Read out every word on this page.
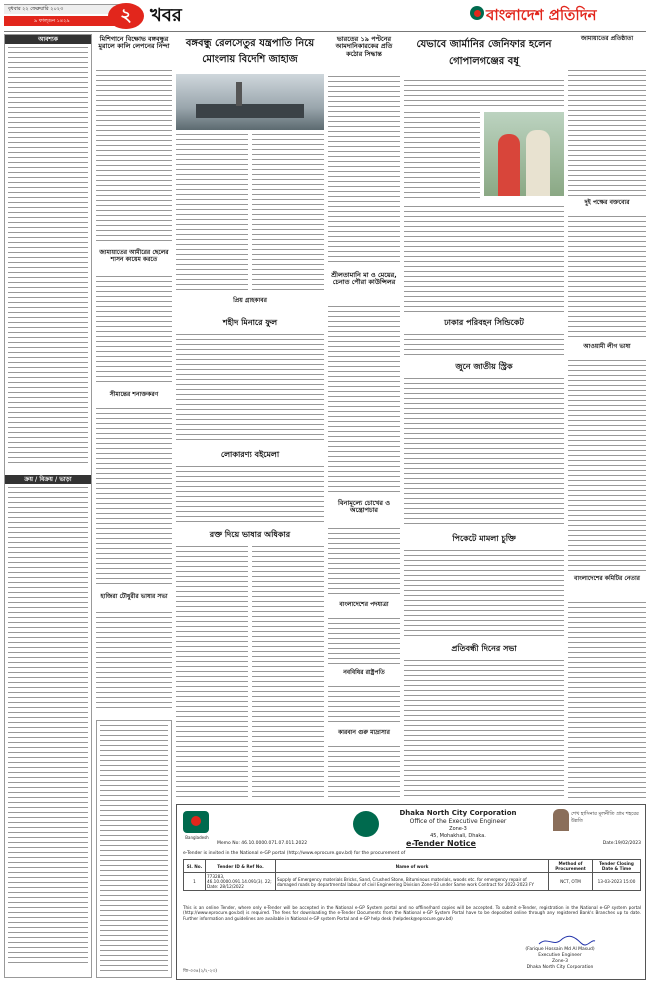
বৃধবার ২২ ফেব্রুয়ারি ২০২৩
৯ ফাল্গুন ১৪২৯	২	খবর	বাংলাদেশ প্রতিদিন
আবশ্যক
ক্রয় / বিক্রয় / ভাড়া
মিশিগানে বিক্ষোভ বঙ্গবন্ধুর মুরালে কালি লেপনের নিন্দা
জামায়াতের আমীরের ছেলের শাসন কায়েম করতে
সীমান্তের শনাক্তকরণ
হাজিরা টৌধুরীর ভাষার সভা
বঙ্গবন্ধু রেলসেতুর যন্ত্রপাতি নিয়ে মোংলায় বিদেশি জাহাজ
প্রিয় গ্রাহকাবর
শহীদ মিনারে ফুল
লোকারণ্য বইমেলা
রক্ত দিয়ে ভাষার অধিকার
ভারতের ১৯ পণ্টনের আমদানিকারকের প্রতি কঠোর সিদ্ধান্ত
শ্রীলতামানি মা ও মেয়ের, চেনাত পৌরা কাউন্সিলর
বিনামূল্যে চোখের ও অন্ত্রোপচার
বাংলাদেশের পদযাত্রা
নববিধির রাষ্ট্রপতি
কারবান গুরু মাদ্রাসার
যেভাবে জার্মানির জেনিফার হলেন গোপালগঞ্জের বধূ
ঢাকার পরিবহন সিন্ডিকেট
জুনে জাতীয় স্ট্রিক
পিকেটে মামলা চুক্তি
প্রতিবন্ধী দিনের সভা
জামায়াতের প্রতিষ্ঠাতা
দুই পক্ষের বক্তব্যের
আওয়ামী লীগ ভাষা
বাংলাদেশের কমিটির নেতার
Bangladesh
Dhaka North City Corporation
Office of the Executive Engineer
Zone-3
45, Mohakhali, Dhaka.
শেখ হাসিনার মূলনীতি গ্রাম শহরের উন্নতি
Memo No: 46.10.0000.071.07.011.2022	e-Tender Notice	Date:19/02/2023
e-Tender is invited in the National e-GP portal (http://www.eprocure.gov.bd) for the procurement of
Sl. No.	Tender ID & Ref No.	Name of work	Method of Procurement	Tender Closing Date & Time
1	773283, 46.10.0000.091.14.091(3). 22; Date: 28/12/2022	Supply of Emergency materials Bricks, Sand, Crushed Stone, Bituminous materials, woods etc. for emergency repair of damaged roads by departmental labour of civil Engineering Division Zone-03 under Same work Contract for 2022-2023 FY	NCT, OTM	13-03-2023 15:00
This is an online Tender, where only e-Tender will be accepted in the National e-GP System portal and no offline/hard copies will be accepted. To submit e-Tender, registration in the National e-GP system portal (http://www.eprocure.gov.bd) is required. The fees for downloading the e-Tender Documents from the National e-GP System Portal have to be deposited online through any registered Bank's Branches up to date. Further information and guidelines are available in National e-GP system Portal and e-GP help desk (helpdesk@eprocure.gov.bd)
(Farique Hossain Md Al Masud)
Executive Engineer
Zone-3
Dhaka North City Corporation
জি-৩৩৪(২/২-২৩)
